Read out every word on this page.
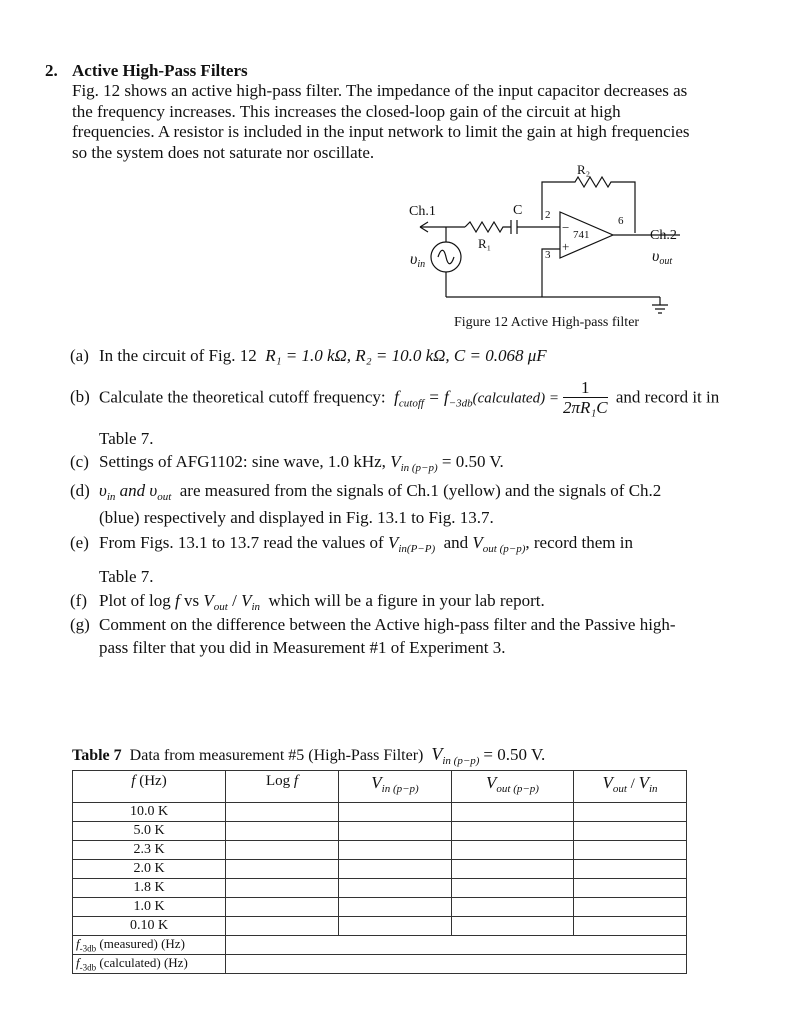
2. Active High-Pass Filters
Fig. 12 shows an active high-pass filter. The impedance of the input capacitor decreases as
the frequency increases. This increases the closed-loop gain of the circuit at high
frequencies. A resistor is included in the input network to limit the gain at high frequencies
so the system does not saturate nor oscillate.
R₂
Ch.1	C 2	6
− 741
+
R₁
3
Ch.2
υout
υin
Figure 12 Active High-pass filter
(a) In the circuit of Fig. 12 R₁ = 1.0 kΩ, R₂ = 10.0 kΩ, C = 0.068 μF
(b) Calculate the theoretical cutoff frequency: $f_{cutoff}$ = $f_{-3db}(calculated) = \frac{1}{\text{2πR₁C}}$ and record it in
Table 7.
(c) Settings of AFG1102: sine wave, 1.0 kHz, $V_{in (p-p)} = 0.50$ V.
(d) $\upsilon_{in}$ and $\upsilon_{out}$ are measured from the signals of Ch.1 (yellow) and the signals of Ch.2
(blue) respectively and displayed in Fig. 13.1 to Fig. 13.7.
(e) From Figs. 13.1 to 13.7 read the values of $V_{in(P-P)}$ and $V_{out (p-p)}$, record them in
Table 7.
(f) Plot of log f vs $V_{out} / V_{in}$ which will be a figure in your lab report.
(g) Comment on the difference between the Active high-pass filter and the Passive high-
pass filter that you did in Measurement #1 of Experiment 3.
Table 7 Data from measurement #5 (High-Pass Filter) $V_{in (p-p)} = 0.50$ V.
f (Hz)	Log f	$V_{in (p-p)}$	$V_{out (p-p)}$	$V_{out} / V_{in}$
10.0 K				
5.0 K				
2.3 K				
2.0 K				
1.8 K				
1.0 K				
0.10 K				
$f_{-3db}$ (measured) (Hz)				
$f_{-3db}$ (calculated) (Hz)				
